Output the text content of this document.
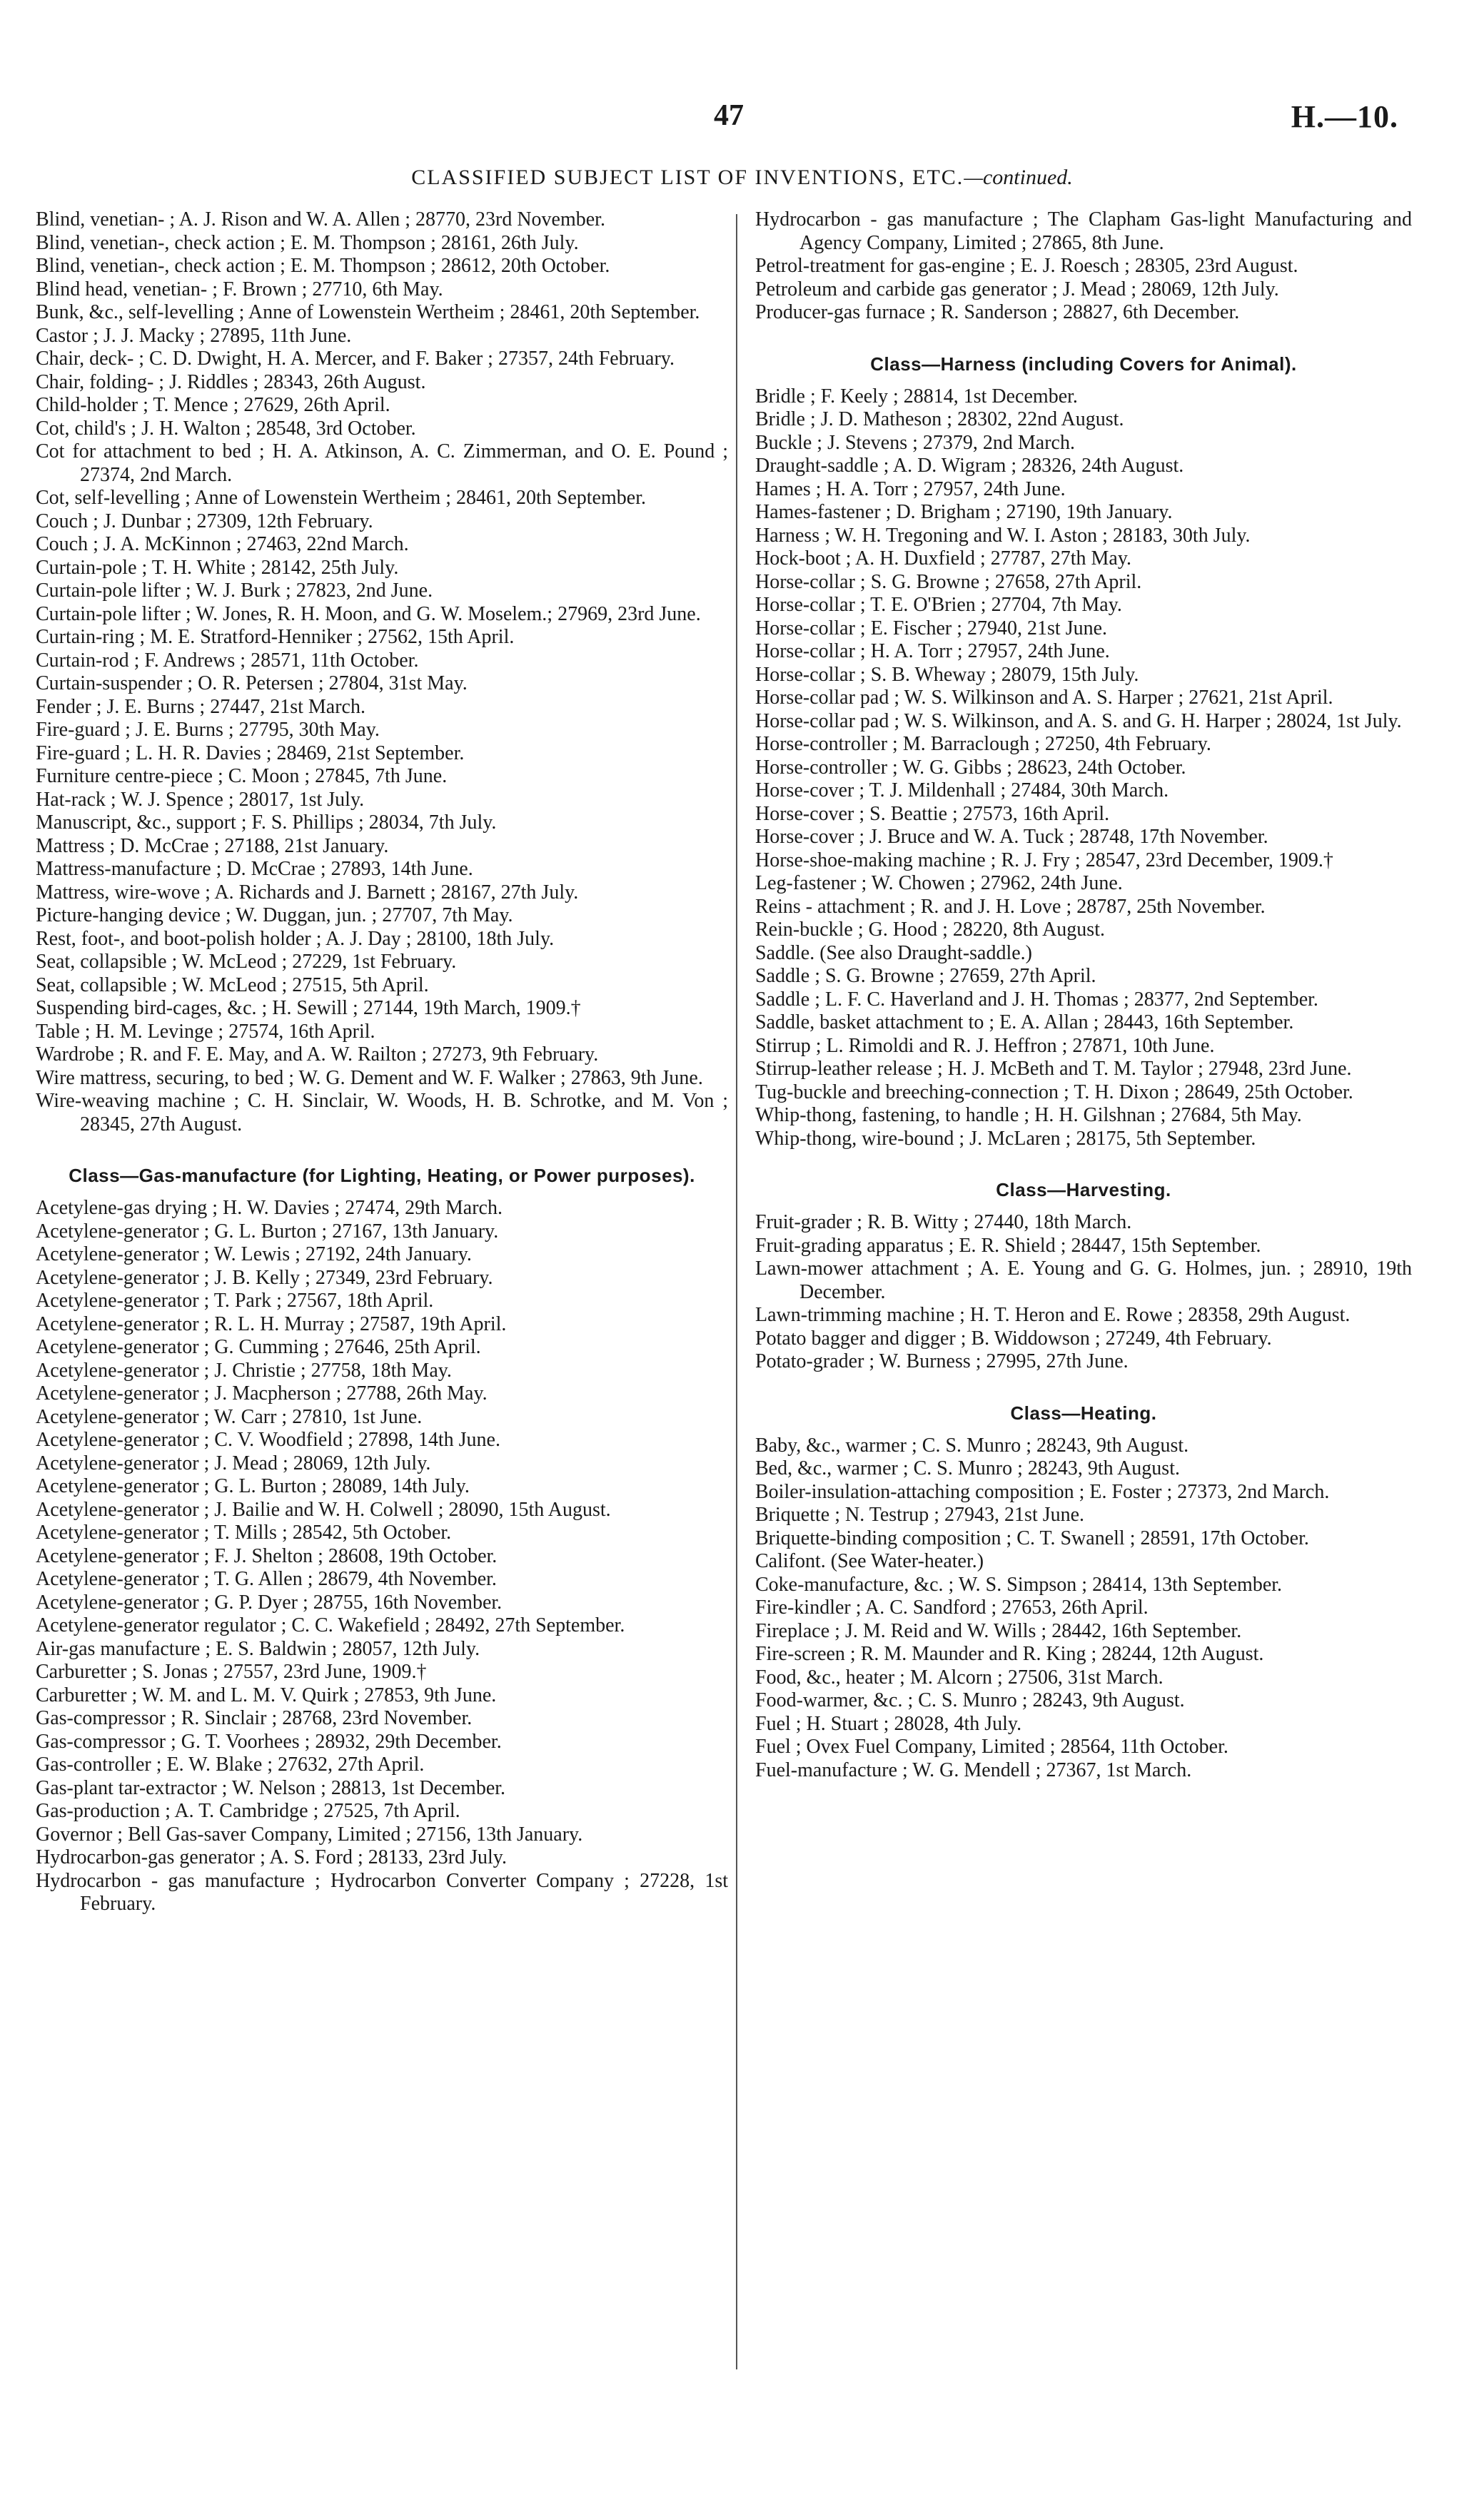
47	H.—10.
CLASSIFIED SUBJECT LIST OF INVENTIONS, ETC.—continued.

Blind, venetian- ; A. J. Rison and W. A. Allen ; 28770, 23rd November.

Blind, venetian-, check action ; E. M. Thompson ; 28161, 26th July.

Blind, venetian-, check action ; E. M. Thompson ; 28612, 20th October.

Blind head, venetian- ; F. Brown ; 27710, 6th May.

Bunk, &c., self-levelling ; Anne of Lowenstein Wertheim ; 28461, 20th September.

Castor ; J. J. Macky ; 27895, 11th June.

Chair, deck- ; C. D. Dwight, H. A. Mercer, and F. Baker ; 27357, 24th February.

Chair, folding- ; J. Riddles ; 28343, 26th August.

Child-holder ; T. Mence ; 27629, 26th April.

Cot, child's ; J. H. Walton ; 28548, 3rd October.

Cot for attachment to bed ; H. A. Atkinson, A. C. Zimmerman, and O. E. Pound ; 27374, 2nd March.

Cot, self-levelling ; Anne of Lowenstein Wertheim ; 28461, 20th September.

Couch ; J. Dunbar ; 27309, 12th February.

Couch ; J. A. McKinnon ; 27463, 22nd March.

Curtain-pole ; T. H. White ; 28142, 25th July.

Curtain-pole lifter ; W. J. Burk ; 27823, 2nd June.

Curtain-pole lifter ; W. Jones, R. H. Moon, and G. W. Moselem.; 27969, 23rd June.

Curtain-ring ; M. E. Stratford-Henniker ; 27562, 15th April.

Curtain-rod ; F. Andrews ; 28571, 11th October.

Curtain-suspender ; O. R. Petersen ; 27804, 31st May.

Fender ; J. E. Burns ; 27447, 21st March.

Fire-guard ; J. E. Burns ; 27795, 30th May.

Fire-guard ; L. H. R. Davies ; 28469, 21st September.

Furniture centre-piece ; C. Moon ; 27845, 7th June.

Hat-rack ; W. J. Spence ; 28017, 1st July.

Manuscript, &c., support ; F. S. Phillips ; 28034, 7th July.

Mattress ; D. McCrae ; 27188, 21st January.

Mattress-manufacture ; D. McCrae ; 27893, 14th June.

Mattress, wire-wove ; A. Richards and J. Barnett ; 28167, 27th July.

Picture-hanging device ; W. Duggan, jun. ; 27707, 7th May.

Rest, foot-, and boot-polish holder ; A. J. Day ; 28100, 18th July.

Seat, collapsible ; W. McLeod ; 27229, 1st February.

Seat, collapsible ; W. McLeod ; 27515, 5th April.

Suspending bird-cages, &c. ; H. Sewill ; 27144, 19th March, 1909.†

Table ; H. M. Levinge ; 27574, 16th April.

Wardrobe ; R. and F. E. May, and A. W. Railton ; 27273, 9th February.

Wire mattress, securing, to bed ; W. G. Dement and W. F. Walker ; 27863, 9th June.

Wire-weaving machine ; C. H. Sinclair, W. Woods, H. B. Schrotke, and M. Von ; 28345, 27th August.

Class—Gas-manufacture (for Lighting, Heating, or Power purposes).

Acetylene-gas drying ; H. W. Davies ; 27474, 29th March.

Acetylene-generator ; G. L. Burton ; 27167, 13th January.

Acetylene-generator ; W. Lewis ; 27192, 24th January.

Acetylene-generator ; J. B. Kelly ; 27349, 23rd February.

Acetylene-generator ; T. Park ; 27567, 18th April.

Acetylene-generator ; R. L. H. Murray ; 27587, 19th April.

Acetylene-generator ; G. Cumming ; 27646, 25th April.

Acetylene-generator ; J. Christie ; 27758, 18th May.

Acetylene-generator ; J. Macpherson ; 27788, 26th May.

Acetylene-generator ; W. Carr ; 27810, 1st June.

Acetylene-generator ; C. V. Woodfield ; 27898, 14th June.

Acetylene-generator ; J. Mead ; 28069, 12th July.

Acetylene-generator ; G. L. Burton ; 28089, 14th July.

Acetylene-generator ; J. Bailie and W. H. Colwell ; 28090, 15th August.

Acetylene-generator ; T. Mills ; 28542, 5th October.

Acetylene-generator ; F. J. Shelton ; 28608, 19th October.

Acetylene-generator ; T. G. Allen ; 28679, 4th November.

Acetylene-generator ; G. P. Dyer ; 28755, 16th November.

Acetylene-generator regulator ; C. C. Wakefield ; 28492, 27th September.

Air-gas manufacture ; E. S. Baldwin ; 28057, 12th July.

Carburetter ; S. Jonas ; 27557, 23rd June, 1909.†

Carburetter ; W. M. and L. M. V. Quirk ; 27853, 9th June.

Gas-compressor ; R. Sinclair ; 28768, 23rd November.

Gas-compressor ; G. T. Voorhees ; 28932, 29th December.

Gas-controller ; E. W. Blake ; 27632, 27th April.

Gas-plant tar-extractor ; W. Nelson ; 28813, 1st December.

Gas-production ; A. T. Cambridge ; 27525, 7th April.

Governor ; Bell Gas-saver Company, Limited ; 27156, 13th January.

Hydrocarbon-gas generator ; A. S. Ford ; 28133, 23rd July.

Hydrocarbon - gas manufacture ; Hydrocarbon Converter Company ; 27228, 1st February.

Hydrocarbon - gas manufacture ; The Clapham Gas-light Manufacturing and Agency Company, Limited ; 27865, 8th June.

Petrol-treatment for gas-engine ; E. J. Roesch ; 28305, 23rd August.

Petroleum and carbide gas generator ; J. Mead ; 28069, 12th July.

Producer-gas furnace ; R. Sanderson ; 28827, 6th December.

Class—Harness (including Covers for Animal).

Bridle ; F. Keely ; 28814, 1st December.

Bridle ; J. D. Matheson ; 28302, 22nd August.

Buckle ; J. Stevens ; 27379, 2nd March.

Draught-saddle ; A. D. Wigram ; 28326, 24th August.

Hames ; H. A. Torr ; 27957, 24th June.

Hames-fastener ; D. Brigham ; 27190, 19th January.

Harness ; W. H. Tregoning and W. I. Aston ; 28183, 30th July.

Hock-boot ; A. H. Duxfield ; 27787, 27th May.

Horse-collar ; S. G. Browne ; 27658, 27th April.

Horse-collar ; T. E. O'Brien ; 27704, 7th May.

Horse-collar ; E. Fischer ; 27940, 21st June.

Horse-collar ; H. A. Torr ; 27957, 24th June.

Horse-collar ; S. B. Wheway ; 28079, 15th July.

Horse-collar pad ; W. S. Wilkinson and A. S. Harper ; 27621, 21st April.

Horse-collar pad ; W. S. Wilkinson, and A. S. and G. H. Harper ; 28024, 1st July.

Horse-controller ; M. Barraclough ; 27250, 4th February.

Horse-controller ; W. G. Gibbs ; 28623, 24th October.

Horse-cover ; T. J. Mildenhall ; 27484, 30th March.

Horse-cover ; S. Beattie ; 27573, 16th April.

Horse-cover ; J. Bruce and W. A. Tuck ; 28748, 17th November.

Horse-shoe-making machine ; R. J. Fry ; 28547, 23rd December, 1909.†

Leg-fastener ; W. Chowen ; 27962, 24th June.

Reins - attachment ; R. and J. H. Love ; 28787, 25th November.

Rein-buckle ; G. Hood ; 28220, 8th August.

Saddle. (See also Draught-saddle.)

Saddle ; S. G. Browne ; 27659, 27th April.

Saddle ; L. F. C. Haverland and J. H. Thomas ; 28377, 2nd September.

Saddle, basket attachment to ; E. A. Allan ; 28443, 16th September.

Stirrup ; L. Rimoldi and R. J. Heffron ; 27871, 10th June.

Stirrup-leather release ; H. J. McBeth and T. M. Taylor ; 27948, 23rd June.

Tug-buckle and breeching-connection ; T. H. Dixon ; 28649, 25th October.

Whip-thong, fastening, to handle ; H. H. Gilshnan ; 27684, 5th May.

Whip-thong, wire-bound ; J. McLaren ; 28175, 5th September.

Class—Harvesting.

Fruit-grader ; R. B. Witty ; 27440, 18th March.

Fruit-grading apparatus ; E. R. Shield ; 28447, 15th September.

Lawn-mower attachment ; A. E. Young and G. G. Holmes, jun. ; 28910, 19th December.

Lawn-trimming machine ; H. T. Heron and E. Rowe ; 28358, 29th August.

Potato bagger and digger ; B. Widdowson ; 27249, 4th February.

Potato-grader ; W. Burness ; 27995, 27th June.

Class—Heating.

Baby, &c., warmer ; C. S. Munro ; 28243, 9th August.

Bed, &c., warmer ; C. S. Munro ; 28243, 9th August.

Boiler-insulation-attaching composition ; E. Foster ; 27373, 2nd March.

Briquette ; N. Testrup ; 27943, 21st June.

Briquette-binding composition ; C. T. Swanell ; 28591, 17th October.

Califont. (See Water-heater.)

Coke-manufacture, &c. ; W. S. Simpson ; 28414, 13th September.

Fire-kindler ; A. C. Sandford ; 27653, 26th April.

Fireplace ; J. M. Reid and W. Wills ; 28442, 16th September.

Fire-screen ; R. M. Maunder and R. King ; 28244, 12th August.

Food, &c., heater ; M. Alcorn ; 27506, 31st March.

Food-warmer, &c. ; C. S. Munro ; 28243, 9th August.

Fuel ; H. Stuart ; 28028, 4th July.

Fuel ; Ovex Fuel Company, Limited ; 28564, 11th October.

Fuel-manufacture ; W. G. Mendell ; 27367, 1st March.
